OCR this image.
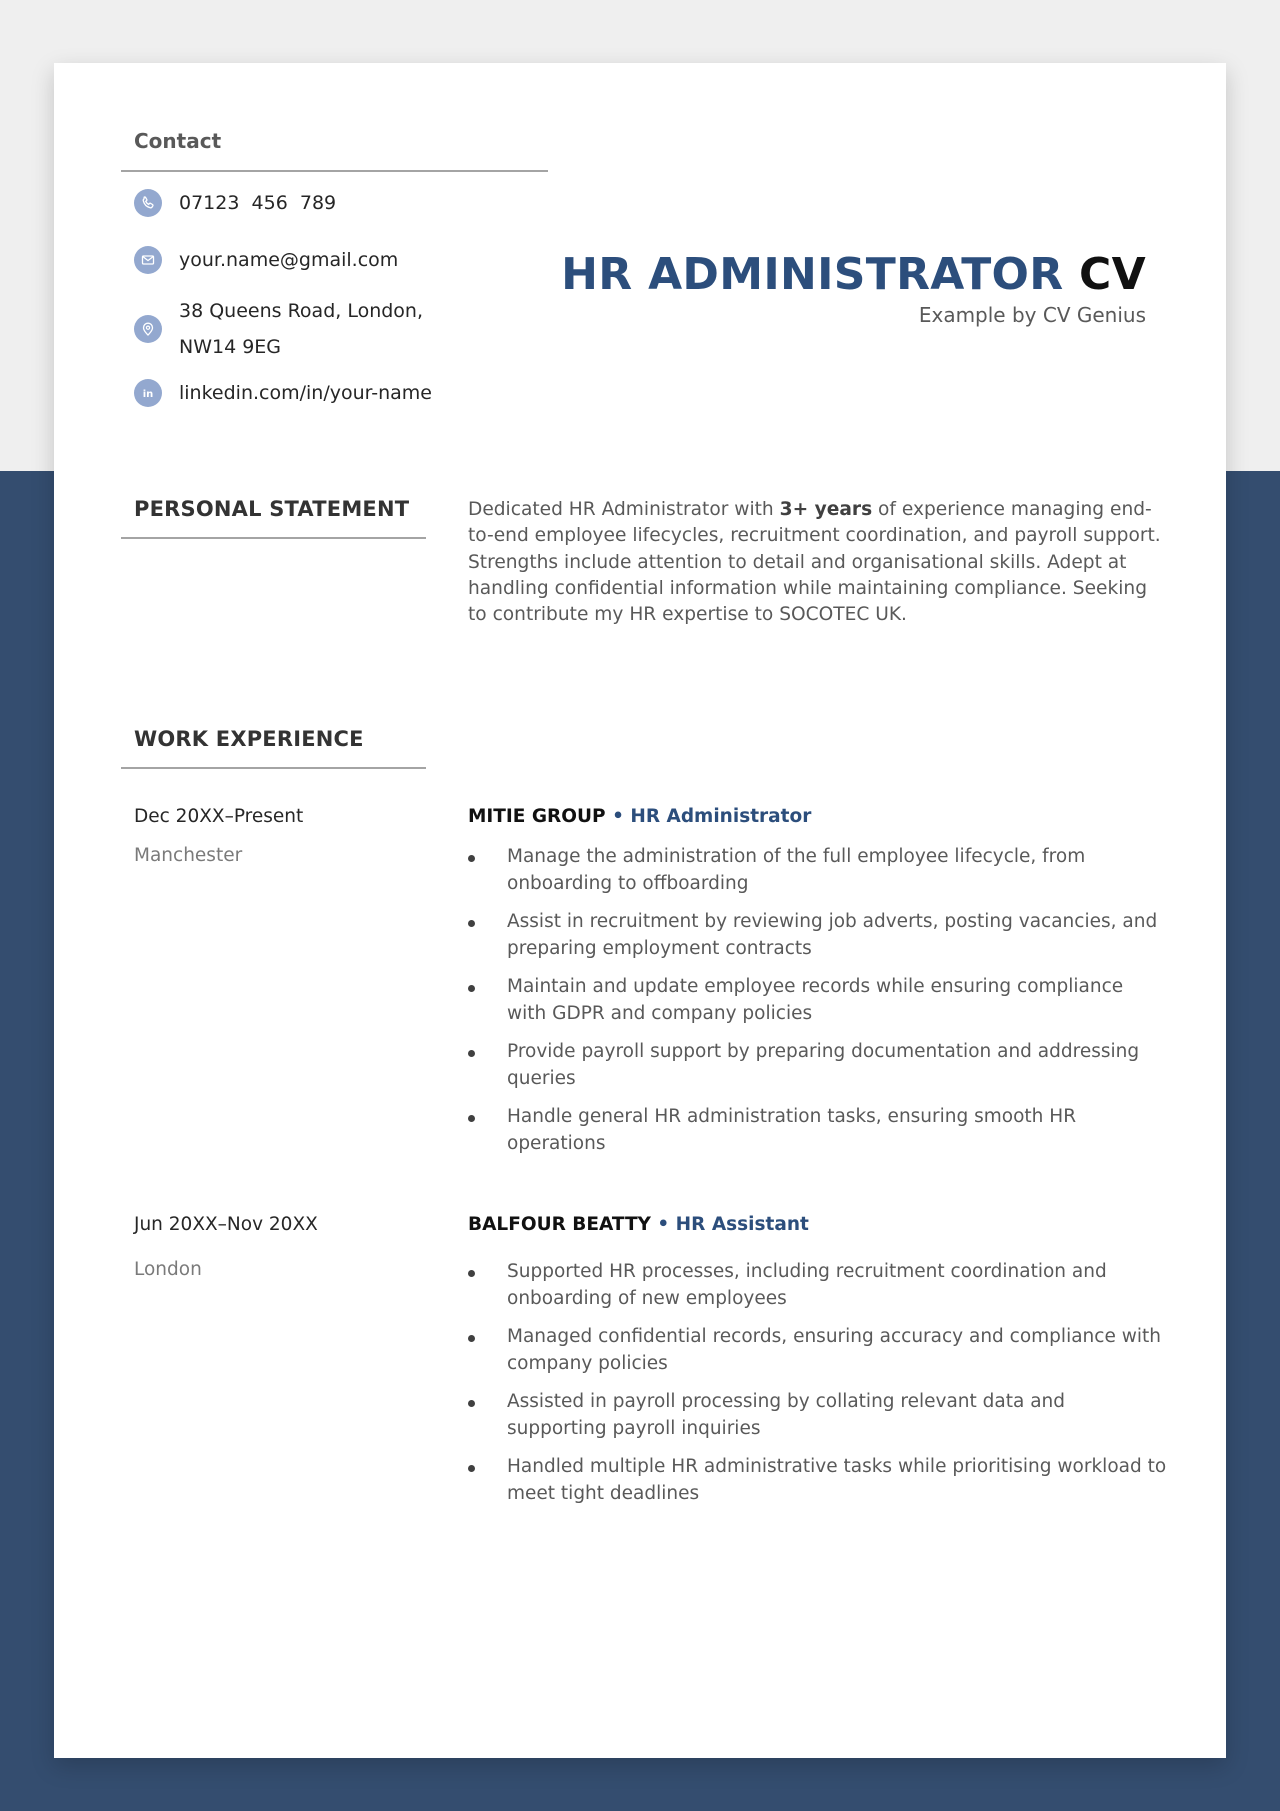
Contact
07123  456  789
your.name@gmail.com
38 Queens Road, London,
NW14 9EG
in linkedin.com/in/your-name
HR ADMINISTRATOR CV
Example by CV Genius
PERSONAL STATEMENT	Dedicated HR Administrator with 3+ years of experience managing end-to-end employee lifecycles, recruitment coordination, and payroll support. Strengths include attention to detail and organisational skills. Adept at handling confidential information while maintaining compliance. Seeking to contribute my HR expertise to SOCOTEC UK.

WORK EXPERIENCE

Dec 20XX–Present

Manchester

MITIE GROUP • HR Administrator

Manage the administration of the full employee lifecycle, from onboarding to offboarding
Assist in recruitment by reviewing job adverts, posting vacancies, and preparing employment contracts
Maintain and update employee records while ensuring compliance with GDPR and company policies
Provide payroll support by preparing documentation and addressing queries
Handle general HR administration tasks, ensuring smooth HR operations

Jun 20XX–Nov 20XX

London

BALFOUR BEATTY • HR Assistant

Supported HR processes, including recruitment coordination and onboarding of new employees
Managed confidential records, ensuring accuracy and compliance with company policies
Assisted in payroll processing by collating relevant data and supporting payroll inquiries
Handled multiple HR administrative tasks while prioritising workload to meet tight deadlines
